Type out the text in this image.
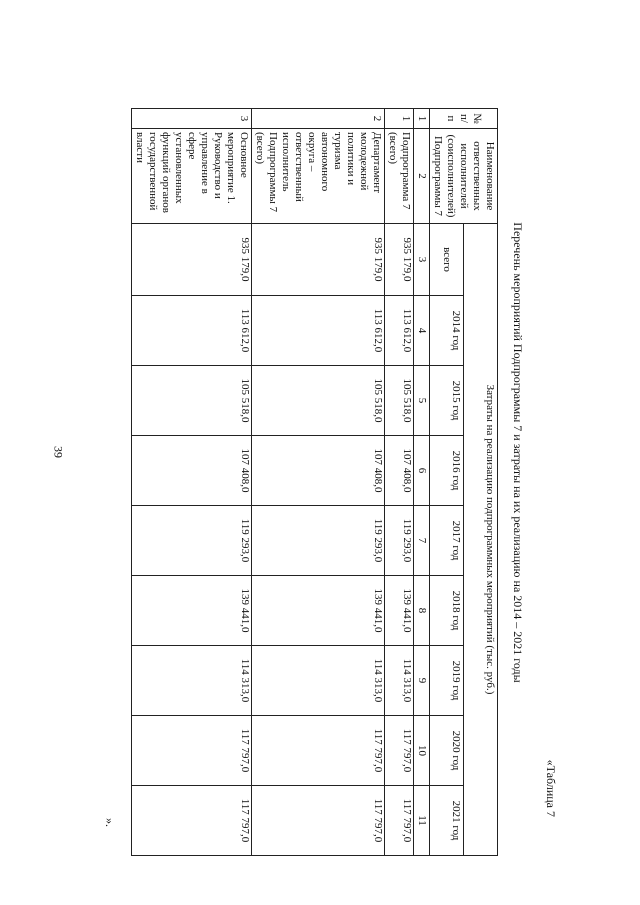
39
«Таблица 7
Перечень мероприятий Подпрограммы 7 и затраты на их реализацию на 2014 – 2021 годы
№ п/п	Наименование ответственных исполнителей (соисполнителей) Подпрограммы 7	Затраты на реализацию подпрограммных мероприятий (тыс. руб.)								
		всего	2014 год	2015 год	2016 год	2017 год	2018 год	2019 год	2020 год	2021 год
1	2	3	4	5	6	7	8	9	10	11
1	Подпрограмма 7 (всего)	935 179,0	113 612,0	105 518,0	107 408,0	119 293,0	139 441,0	114 313,0	117 797,0	117 797,0
2	Департамент молодежной политики и туризма автономного округа – ответственный исполнитель Подпрограммы 7 (всего)	935 179,0	113 612,0	105 518,0	107 408,0	119 293,0	139 441,0	114 313,0	117 797,0	117 797,0
3	Основное мероприятие 1. Руководство и управление в сфере установленных функций органов государственной власти	935 179,0	113 612,0	105 518,0	107 408,0	119 293,0	139 441,0	114 313,0	117 797,0	117 797,0
».
